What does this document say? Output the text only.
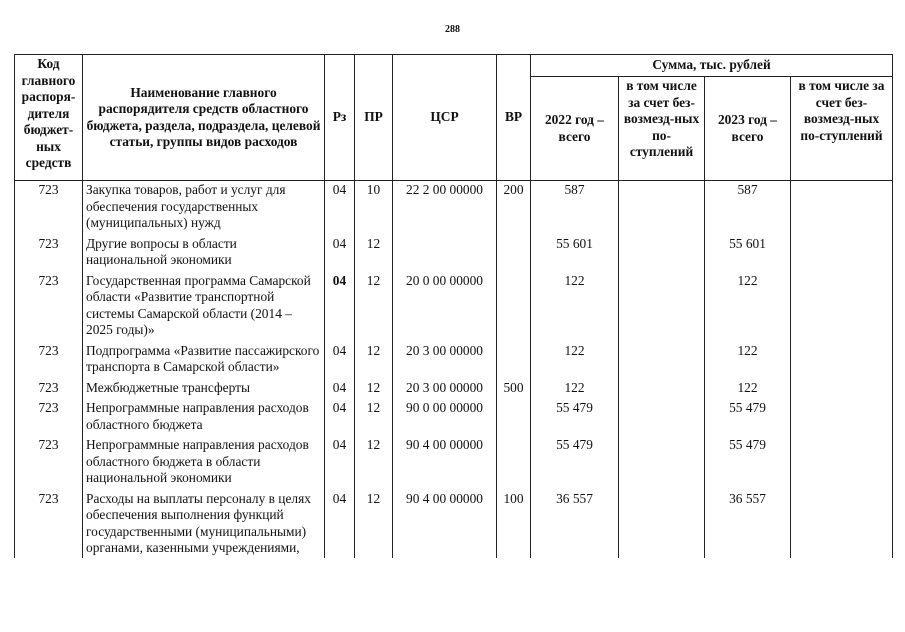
288
Код главного распоря-дителя бюджет-ных средств	Наименование главного распорядителя средств областного бюджета, раздела, подраздела, целевой статьи, группы видов расходов	Рз	ПР	ЦСР	ВР	Сумма, тыс. рублей			
						2022 год – всего	в том числе за счет без-возмезд-ных по-ступлений	2023 год – всего	в том числе за счет без-возмезд-ных по-ступлений
723	Закупка товаров, работ и услуг для обеспечения государственных (муниципальных) нужд	04	10	22 2 00 00000	200	587		587	
723	Другие вопросы в области национальной экономики	04	12			55 601		55 601	
723	Государственная программа Самарской области «Развитие транспортной системы Самарской области (2014 – 2025 годы)»	04	12	20 0 00 00000		122		122	
723	Подпрограмма «Развитие пассажирского транспорта в Самарской области»	04	12	20 3 00 00000		122		122	
723	Межбюджетные трансферты	04	12	20 3 00 00000	500	122		122	
723	Непрограммные направления расходов областного бюджета	04	12	90 0 00 00000		55 479		55 479	
723	Непрограммные направления расходов областного бюджета в области национальной экономики	04	12	90 4 00 00000		55 479		55 479	
723	Расходы на выплаты персоналу в целях обеспечения выполнения функций государственными (муниципальными) органами, казенными учреждениями,	04	12	90 4 00 00000	100	36 557		36 557	
